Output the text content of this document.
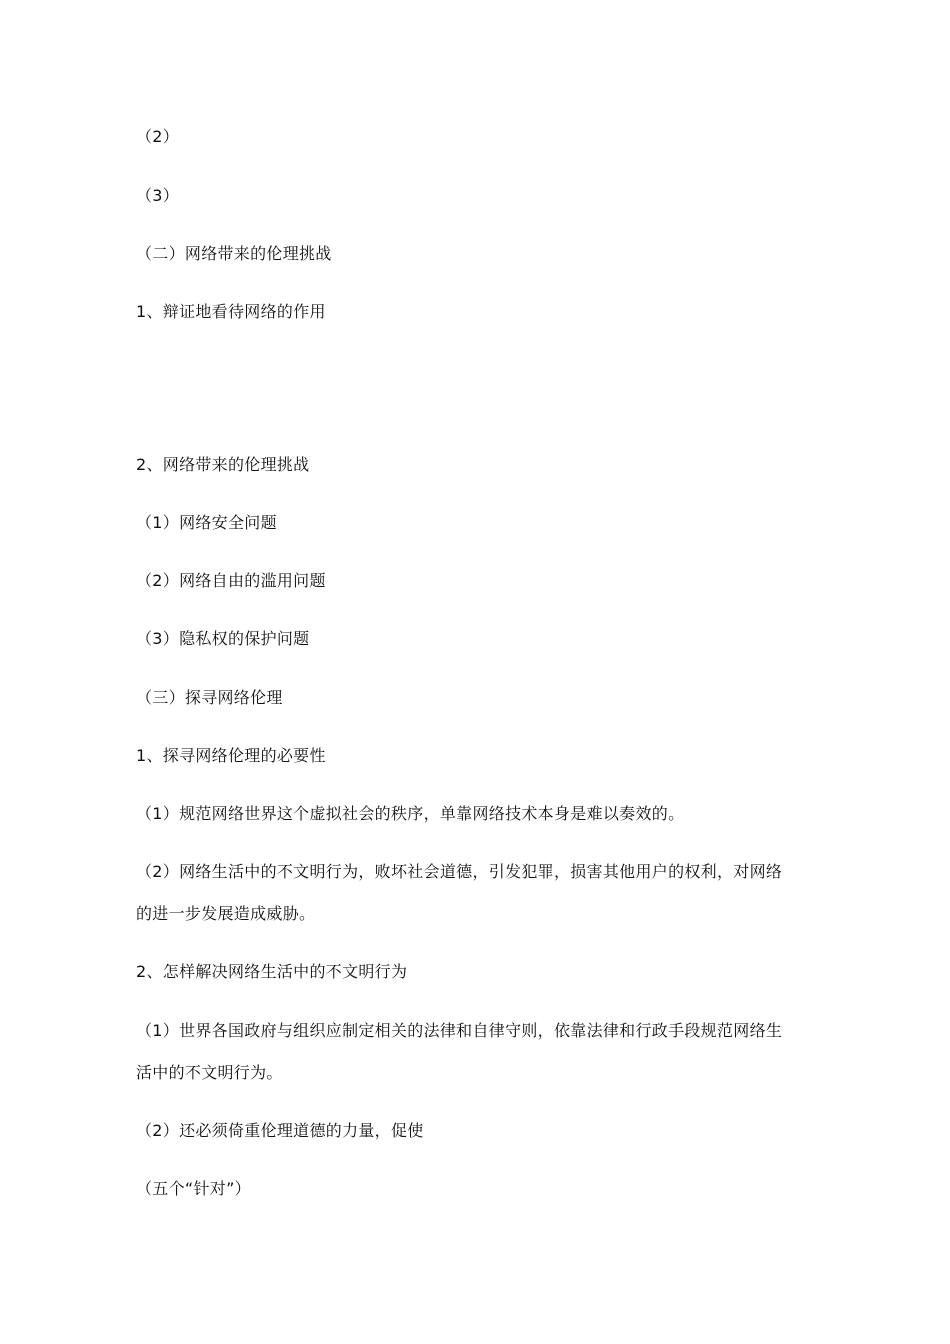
（2）
（3）
（二）网络带来的伦理挑战
1、辩证地看待网络的作用
2、网络带来的伦理挑战
（1）网络安全问题
（2）网络自由的滥用问题
（3）隐私权的保护问题
（三）探寻网络伦理
1、探寻网络伦理的必要性
（1）规范网络世界这个虚拟社会的秩序，单靠网络技术本身是难以奏效的。
（2）网络生活中的不文明行为，败坏社会道德，引发犯罪，损害其他用户的权利，对网络
的进一步发展造成威胁。
2、怎样解决网络生活中的不文明行为
（1）世界各国政府与组织应制定相关的法律和自律守则，依靠法律和行政手段规范网络生
活中的不文明行为。
（2）还必须倚重伦理道德的力量，促使
（五个“针对”）
